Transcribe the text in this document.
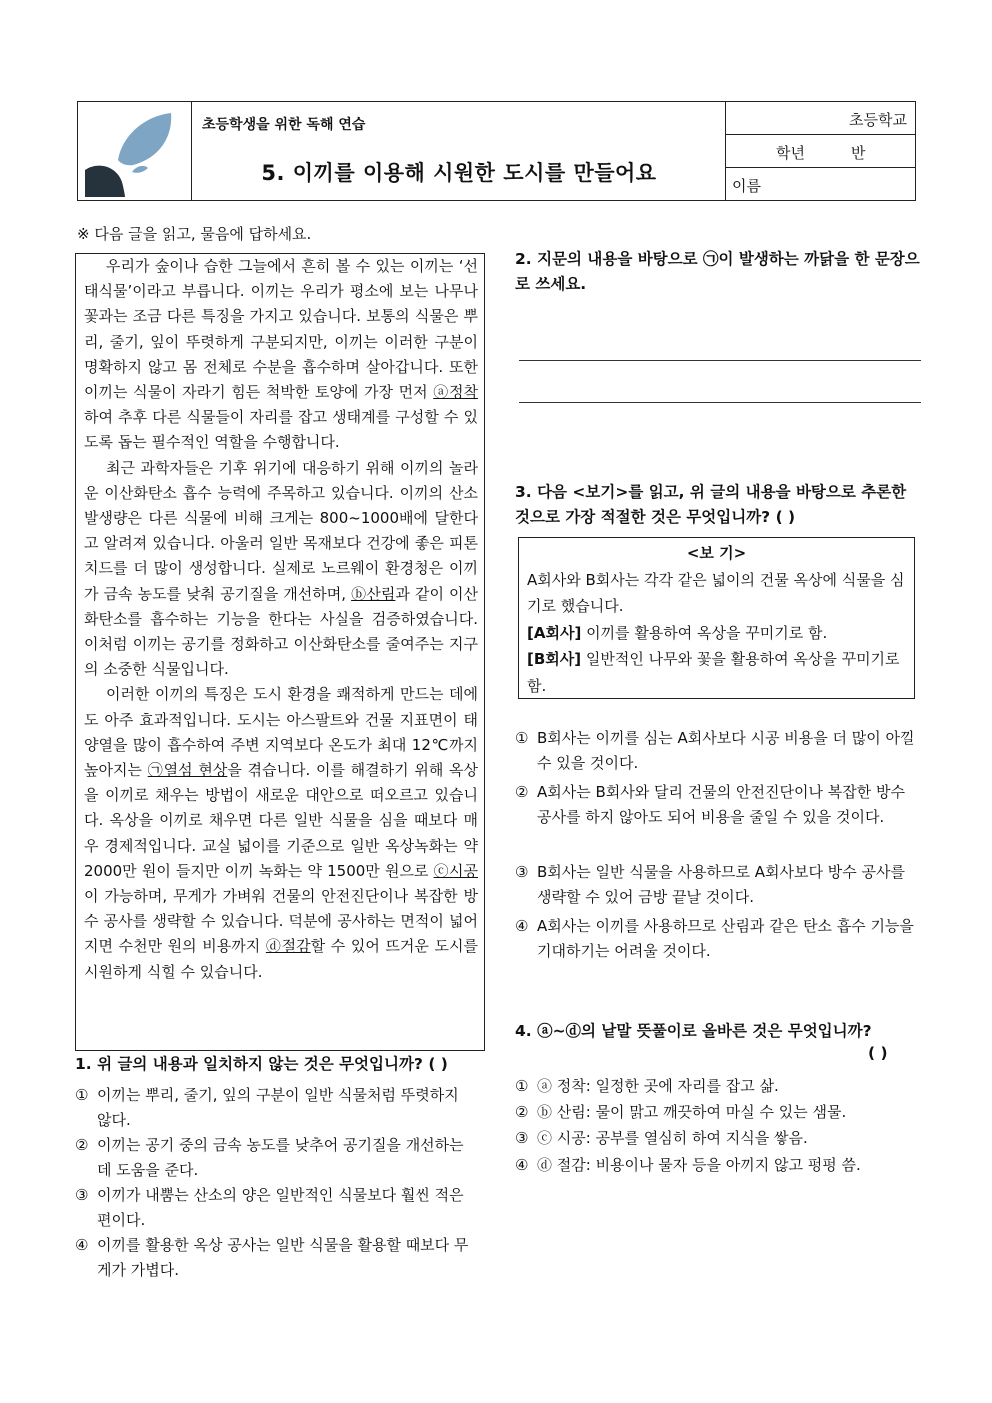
초등학생을 위한 독해 연습
5. 이끼를 이용해 시원한 도시를 만들어요
초등학교
학년	반
이름
※ 다음 글을 읽고, 물음에 답하세요.

우리가 숲이나 습한 그늘에서 흔히 볼 수 있는 이끼는 ‘선태식물’이라고 부릅니다. 이끼는 우리가 평소에 보는 나무나 꽃과는 조금 다른 특징을 가지고 있습니다. 보통의 식물은 뿌리, 줄기, 잎이 뚜렷하게 구분되지만, 이끼는 이러한 구분이 명확하지 않고 몸 전체로 수분을 흡수하며 살아갑니다. 또한 이끼는 식물이 자라기 힘든 척박한 토양에 가장 먼저 ⓐ정착하여 추후 다른 식물들이 자리를 잡고 생태계를 구성할 수 있도록 돕는 필수적인 역할을 수행합니다.

최근 과학자들은 기후 위기에 대응하기 위해 이끼의 놀라운 이산화탄소 흡수 능력에 주목하고 있습니다. 이끼의 산소 발생량은 다른 식물에 비해 크게는 800~1000배에 달한다고 알려져 있습니다. 아울러 일반 목재보다 건강에 좋은 피톤치드를 더 많이 생성합니다. 실제로 노르웨이 환경청은 이끼가 금속 농도를 낮춰 공기질을 개선하며, ⓑ산림과 같이 이산화탄소를 흡수하는 기능을 한다는 사실을 검증하였습니다. 이처럼 이끼는 공기를 정화하고 이산화탄소를 줄여주는 지구의 소중한 식물입니다.

이러한 이끼의 특징은 도시 환경을 쾌적하게 만드는 데에도 아주 효과적입니다. 도시는 아스팔트와 건물 지표면이 태양열을 많이 흡수하여 주변 지역보다 온도가 최대 12℃까지 높아지는 ㉠열섬 현상을 겪습니다. 이를 해결하기 위해 옥상을 이끼로 채우는 방법이 새로운 대안으로 떠오르고 있습니다. 옥상을 이끼로 채우면 다른 일반 식물을 심을 때보다 매우 경제적입니다. 교실 넓이를 기준으로 일반 옥상녹화는 약 2000만 원이 들지만 이끼 녹화는 약 1500만 원으로 ⓒ시공이 가능하며, 무게가 가벼워 건물의 안전진단이나 복잡한 방수 공사를 생략할 수 있습니다. 덕분에 공사하는 면적이 넓어지면 수천만 원의 비용까지 ⓓ절감할 수 있어 뜨거운 도시를 시원하게 식힐 수 있습니다.

1. 위 글의 내용과 일치하지 않는 것은 무엇입니까? ( )
① 이끼는 뿌리, 줄기, 잎의 구분이 일반 식물처럼 뚜렷하지 않다.
② 이끼는 공기 중의 금속 농도를 낮추어 공기질을 개선하는 데 도움을 준다.
③ 이끼가 내뿜는 산소의 양은 일반적인 식물보다 훨씬 적은 편이다.
④ 이끼를 활용한 옥상 공사는 일반 식물을 활용할 때보다 무게가 가볍다.
2. 지문의 내용을 바탕으로 ㉠이 발생하는 까닭을 한 문장으로 쓰세요.
3. 다음 <보기>를 읽고, 위 글의 내용을 바탕으로 추론한 것으로 가장 적절한 것은 무엇입니까? ( )
<보 기>
A회사와 B회사는 각각 같은 넓이의 건물 옥상에 식물을 심기로 했습니다.
[A회사] 이끼를 활용하여 옥상을 꾸미기로 함.
[B회사] 일반적인 나무와 꽃을 활용하여 옥상을 꾸미기로 함.
① B회사는 이끼를 심는 A회사보다 시공 비용을 더 많이 아낄 수 있을 것이다.
② A회사는 B회사와 달리 건물의 안전진단이나 복잡한 방수 공사를 하지 않아도 되어 비용을 줄일 수 있을 것이다.
③ B회사는 일반 식물을 사용하므로 A회사보다 방수 공사를 생략할 수 있어 금방 끝날 것이다.
④ A회사는 이끼를 사용하므로 산림과 같은 탄소 흡수 기능을 기대하기는 어려울 것이다.
4. ⓐ~ⓓ의 낱말 뜻풀이로 올바른 것은 무엇입니까?
( )
① ⓐ 정착: 일정한 곳에 자리를 잡고 삶.
② ⓑ 산림: 물이 맑고 깨끗하여 마실 수 있는 샘물.
③ ⓒ 시공: 공부를 열심히 하여 지식을 쌓음.
④ ⓓ 절감: 비용이나 물자 등을 아끼지 않고 펑펑 씀.
